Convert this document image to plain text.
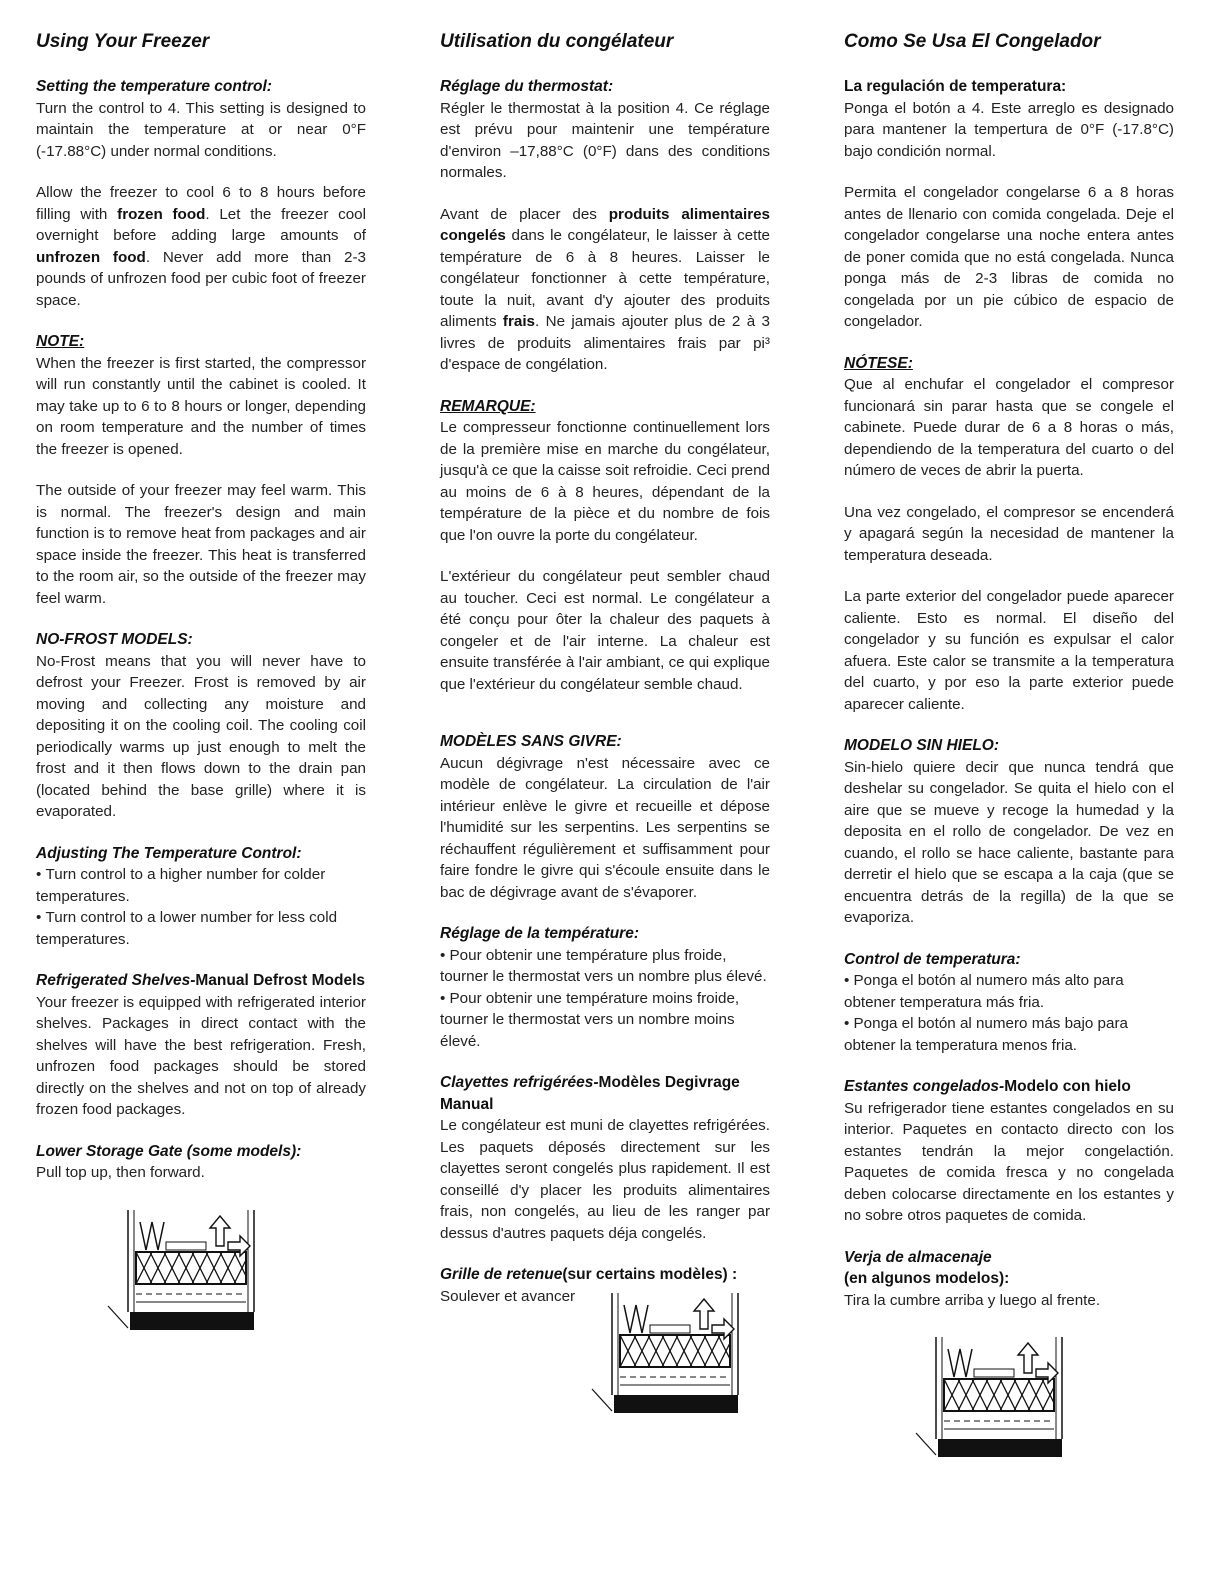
Using Your Freezer

Setting the temperature control:

Turn the control to 4. This setting is designed to maintain the temperature at or near 0°F (-17.88°C) under normal conditions.

Allow the freezer to cool 6 to 8 hours before filling with frozen food. Let the freezer cool overnight before adding large amounts of unfrozen food. Never add more than 2-3 pounds of unfrozen food per cubic foot of freezer space.

NOTE:

When the freezer is first started, the compressor will run constantly until the cabinet is cooled. It may take up to 6 to 8 hours or longer, depending on room temperature and the number of times the freezer is opened.

The outside of your freezer may feel warm. This is normal. The freezer's design and main function is to remove heat from packages and air space inside the freezer. This heat is transferred to the room air, so the outside of the freezer may feel warm.

NO-FROST MODELS:

No-Frost means that you will never have to defrost your Freezer. Frost is removed by air moving and collecting any moisture and depositing it on the cooling coil. The cooling coil periodically warms up just enough to melt the frost and it then flows down to the drain pan (located behind the base grille) where it is evaporated.

Adjusting The Temperature Control:

• Turn control to a higher number for colder temperatures.
• Turn control to a lower number for less cold temperatures.

Refrigerated Shelves-Manual Defrost Models

Your freezer is equipped with refrigerated interior shelves. Packages in direct contact with the shelves will have the best refrigeration. Fresh, unfrozen food packages should be stored directly on the shelves and not on top of already frozen food packages.

Lower Storage Gate (some models):

Pull top up, then forward.

Utilisation du congélateur

Réglage du thermostat:

Régler le thermostat à la position 4. Ce réglage est prévu pour maintenir une température d'environ –17,88°C (0°F) dans des conditions normales.

Avant de placer des produits alimentaires congelés dans le congélateur, le laisser à cette température de 6 à 8 heures. Laisser le congélateur fonctionner à cette température, toute la nuit, avant d'y ajouter des produits aliments frais. Ne jamais ajouter plus de 2 à 3 livres de produits alimentaires frais par pi³ d'espace de congélation.

REMARQUE:

Le compresseur fonctionne continuellement lors de la première mise en marche du congélateur, jusqu'à ce que la caisse soit refroidie. Ceci prend au moins de 6 à 8 heures, dépendant de la température de la pièce et du nombre de fois que l'on ouvre la porte du congélateur.

L'extérieur du congélateur peut sembler chaud au toucher. Ceci est normal. Le congélateur a été conçu pour ôter la chaleur des paquets à congeler et de l'air interne. La chaleur est ensuite transférée à l'air ambiant, ce qui explique que l'extérieur du congélateur semble chaud.

MODÈLES SANS GIVRE:

Aucun dégivrage n'est nécessaire avec ce modèle de congélateur. La circulation de l'air intérieur enlève le givre et recueille et dépose l'humidité sur les serpentins. Les serpentins se réchauffent régulièrement et suffisamment pour faire fondre le givre qui s'écoule ensuite dans le bac de dégivrage avant de s'évaporer.

Réglage de la température:

• Pour obtenir une température plus froide, tourner le thermostat vers un nombre plus élevé.
• Pour obtenir une température moins froide, tourner le thermostat vers un nombre moins élevé.

Clayettes refrigérées-Modèles Degivrage Manual

Le congélateur est muni de clayettes refrigérées. Les paquets déposés directement sur les clayettes seront congelés plus rapidement. Il est conseillé d'y placer les produits alimentaires frais, non congelés, au lieu de les ranger par dessus d'autres paquets déja congelés.

Grille de retenue(sur certains modèles) :

Soulever et avancer

Como Se Usa El Congelador

La regulación de temperatura:

Ponga el botón a 4. Este arreglo es designado para mantener la tempertura de 0°F (-17.8°C) bajo condición normal.

Permita el congelador congelarse 6 a 8 horas antes de llenario con comida congelada. Deje el congelador congelarse una noche entera antes de poner comida que no está congelada. Nunca ponga más de 2-3 libras de comida no congelada por un pie cúbico de espacio de congelador.

NÓTESE:

Que al enchufar el congelador el compresor funcionará sin parar hasta que se congele el cabinete. Puede durar de 6 a 8 horas o más, dependiendo de la temperatura del cuarto o del número de veces de abrir la puerta.

Una vez congelado, el compresor se encenderá y apagará según la necesidad de mantener la temperatura deseada.

La parte exterior del congelador puede aparecer caliente. Esto es normal. El diseño del congelador y su función es expulsar el calor afuera. Este calor se transmite a la temperatura del cuarto, y por eso la parte exterior puede aparecer caliente.

MODELO SIN HIELO:

Sin-hielo quiere decir que nunca tendrá que deshelar su congelador. Se quita el hielo con el aire que se mueve y recoge la humedad y la deposita en el rollo de congelador. De vez en cuando, el rollo se hace caliente, bastante para derretir el hielo que se escapa a la caja (que se encuentra detrás de la regilla) de la que se evaporiza.

Control de temperatura:

• Ponga el botón al numero más alto para obtener temperatura más fria.
• Ponga el botón al numero más bajo para obtener la temperatura menos fria.

Estantes congelados-Modelo con hielo

Su refrigerador tiene estantes congelados en su interior. Paquetes en contacto directo con los estantes tendrán la mejor congelactión. Paquetes de comida fresca y no congelada deben colocarse directamente en los estantes y no sobre otros paquetes de comida.

Verja de almacenaje

(en algunos modelos):

Tira la cumbre arriba y luego al frente.
